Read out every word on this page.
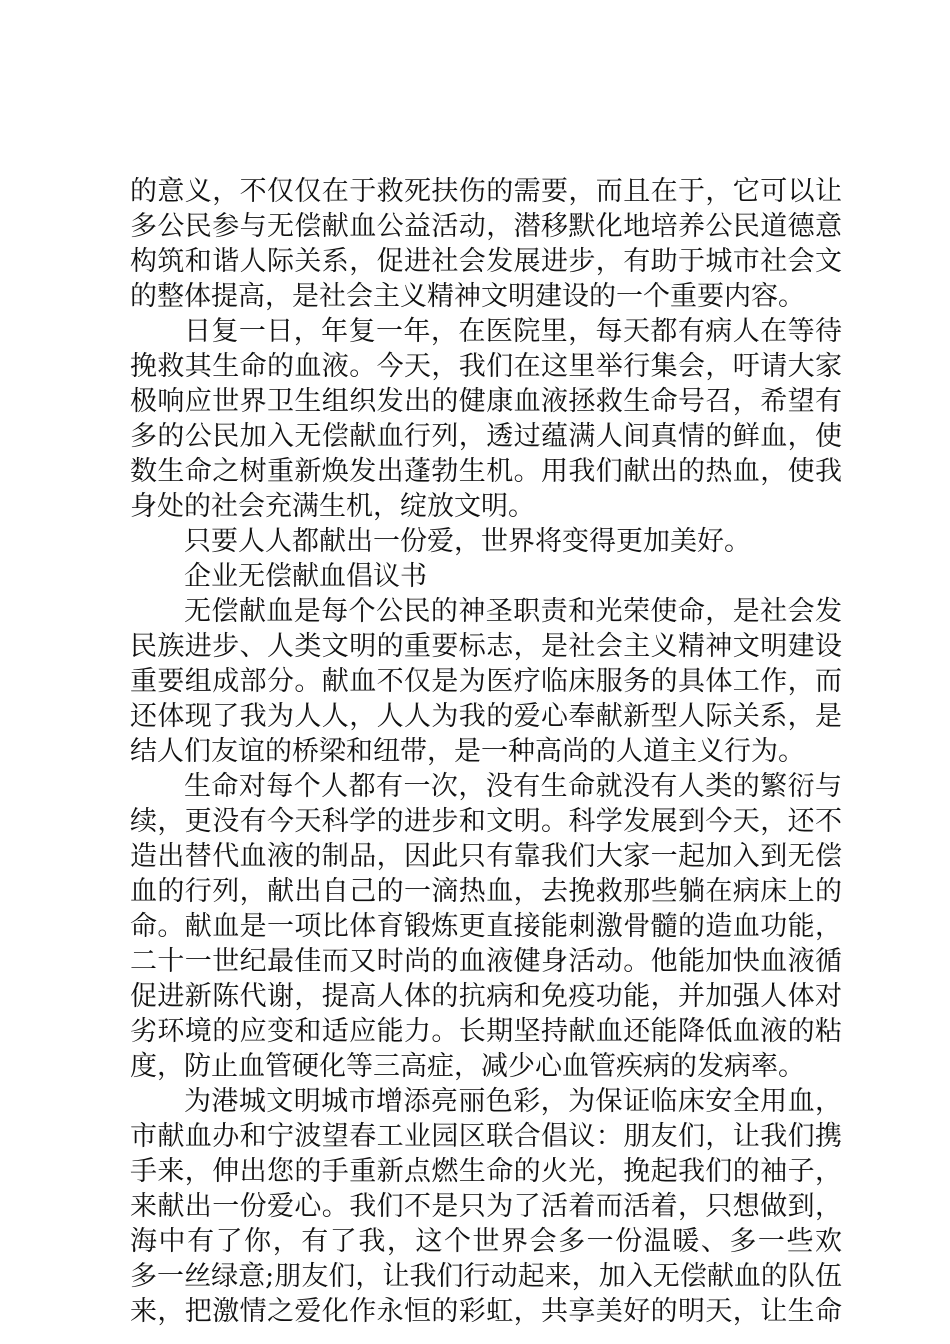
的意义，不仅仅在于救死扶伤的需要，而且在于，它可以让
多公民参与无偿献血公益活动，潜移默化地培养公民道德意
构筑和谐人际关系，促进社会发展进步，有助于城市社会文
的整体提高，是社会主义精神文明建设的一个重要内容。
日复一日，年复一年，在医院里，每天都有病人在等待
挽救其生命的血液。今天，我们在这里举行集会，吁请大家
极响应世界卫生组织发出的健康血液拯救生命号召，希望有
多的公民加入无偿献血行列，透过蕴满人间真情的鲜血，使
数生命之树重新焕发出蓬勃生机。用我们献出的热血，使我
身处的社会充满生机，绽放文明。
只要人人都献出一份爱，世界将变得更加美好。
企业无偿献血倡议书
无偿献血是每个公民的神圣职责和光荣使命，是社会发
民族进步、人类文明的重要标志，是社会主义精神文明建设
重要组成部分。献血不仅是为医疗临床服务的具体工作，而
还体现了我为人人，人人为我的爱心奉献新型人际关系，是
结人们友谊的桥梁和纽带，是一种高尚的人道主义行为。
生命对每个人都有一次，没有生命就没有人类的繁衍与
续，更没有今天科学的进步和文明。科学发展到今天，还不
造出替代血液的制品，因此只有靠我们大家一起加入到无偿
血的行列，献出自己的一滴热血，去挽救那些躺在病床上的
命。献血是一项比体育锻炼更直接能刺激骨髓的造血功能，
二十一世纪最佳而又时尚的血液健身活动。他能加快血液循
促进新陈代谢，提高人体的抗病和免疫功能，并加强人体对
劣环境的应变和适应能力。长期坚持献血还能降低血液的粘
度，防止血管硬化等三高症，减少心血管疾病的发病率。
为港城文明城市增添亮丽色彩，为保证临床安全用血，
市献血办和宁波望春工业园区联合倡议：朋友们，让我们携
手来，伸出您的手重新点燃生命的火光，挽起我们的袖子，
来献出一份爱心。我们不是只为了活着而活着，只想做到，
海中有了你，有了我，这个世界会多一份温暖、多一些欢
多一丝绿意;朋友们，让我们行动起来，加入无偿献血的队伍
来，把激情之爱化作永恒的彩虹，共享美好的明天，让生命
